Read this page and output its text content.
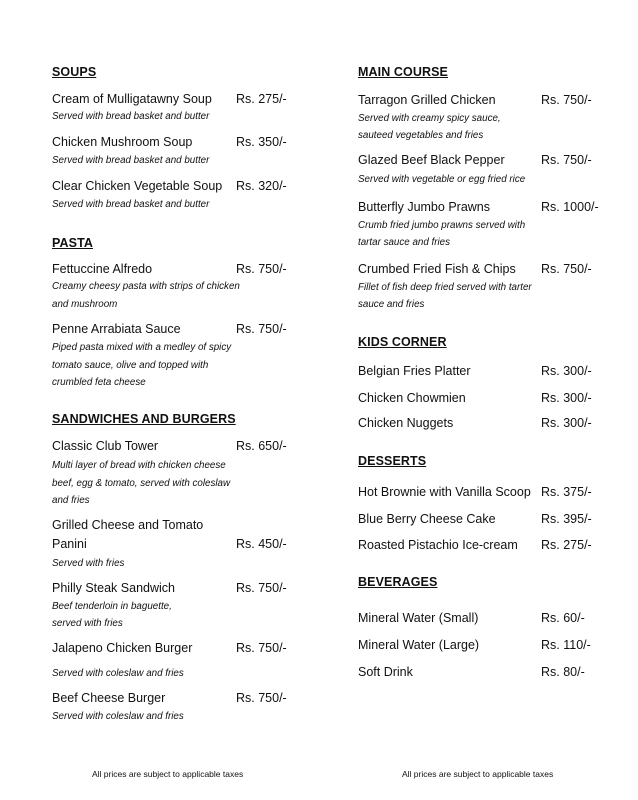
SOUPS
Cream of Mulligatawny Soup Rs. 275/-
Served with bread basket and butter
Chicken Mushroom Soup	Rs. 350/-
Served with bread basket and butter
Clear Chicken Vegetable Soup Rs. 320/-
Served with bread basket and butter
PASTA
Fettuccine Alfredo	Rs. 750/-
Creamy cheesy pasta with strips of chicken
and mushroom
Penne Arrabiata Sauce	Rs. 750/-
Piped pasta mixed with a medley of spicy
tomato sauce, olive and topped with
crumbled feta cheese
SANDWICHES AND BURGERS
Classic Club Tower	Rs. 650/-
Multi layer of bread with chicken cheese
beef, egg & tomato, served with coleslaw
and fries
Grilled Cheese and Tomato
Panini	Rs. 450/-
Served with fries
Philly Steak Sandwich	Rs. 750/-
Beef tenderloin in baguette,
served with fries
Jalapeno Chicken Burger	Rs. 750/-
Served with coleslaw and fries
Beef Cheese Burger	Rs. 750/-
Served with coleslaw and fries
MAIN COURSE
Tarragon Grilled Chicken	Rs. 750/-
Served with creamy spicy sauce,
sauteed vegetables and fries
Glazed Beef Black Pepper	Rs. 750/-
Served with vegetable or egg fried rice
Butterfly Jumbo Prawns	Rs. 1000/-
Crumb fried jumbo prawns served with
tartar sauce and fries
Crumbed Fried Fish & Chips Rs. 750/-
Fillet of fish deep fried served with tarter
sauce and fries
KIDS CORNER
Belgian Fries Platter	Rs. 300/-
Chicken Chowmien	Rs. 300/-
Chicken Nuggets	Rs. 300/-
DESSERTS
Hot Brownie with Vanilla Scoop Rs. 375/-
Blue Berry Cheese Cake	Rs. 395/-
Roasted Pistachio Ice-cream Rs. 275/-
BEVERAGES
Mineral Water (Small)	Rs. 60/-
Mineral Water (Large)	Rs. 110/-
Soft Drink	Rs. 80/-
All prices are subject to applicable taxes	All prices are subject to applicable taxes
